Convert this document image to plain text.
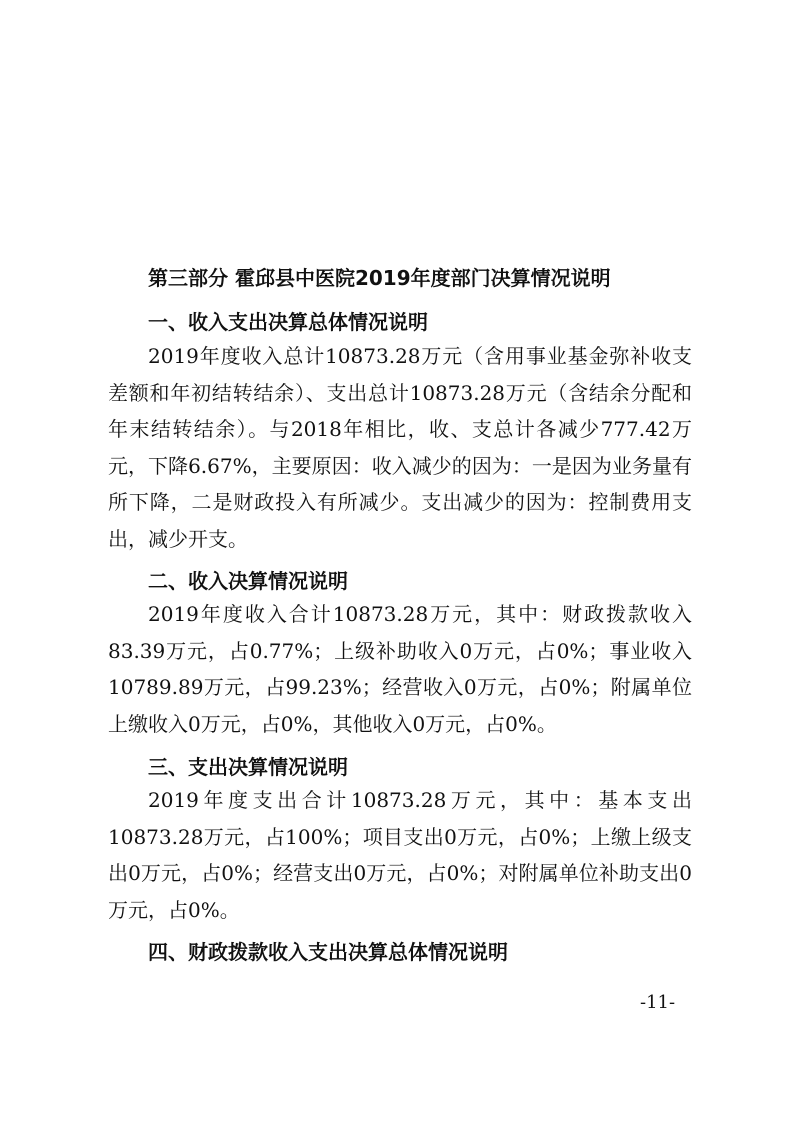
第三部分 霍邱县中医院2019年度部门决算情况说明
一、收入支出决算总体情况说明

2019年度收入总计10873.28万元（含用事业基金弥补收支差额和年初结转结余）、支出总计10873.28万元（含结余分配和年末结转结余）。与2018年相比，收、支总计各减少777.42万元，下降6.67%，主要原因：收入减少的因为：一是因为业务量有所下降，二是财政投入有所减少。支出减少的因为：控制费用支出，减少开支。

二、收入决算情况说明

2019年度收入合计10873.28万元，其中：财政拨款收入83.39万元，占0.77%；上级补助收入0万元，占0%；事业收入10789.89万元，占99.23%；经营收入0万元，占0%；附属单位上缴收入0万元，占0%，其他收入0万元，占0%。

三、支出决算情况说明

2019年度支出合计10873.28万元，其中：基本支出10873.28万元，占100%；项目支出0万元，占0%；上缴上级支出0万元，占0%；经营支出0万元，占0%；对附属单位补助支出0万元，占0%。

四、财政拨款收入支出决算总体情况说明
-11-
